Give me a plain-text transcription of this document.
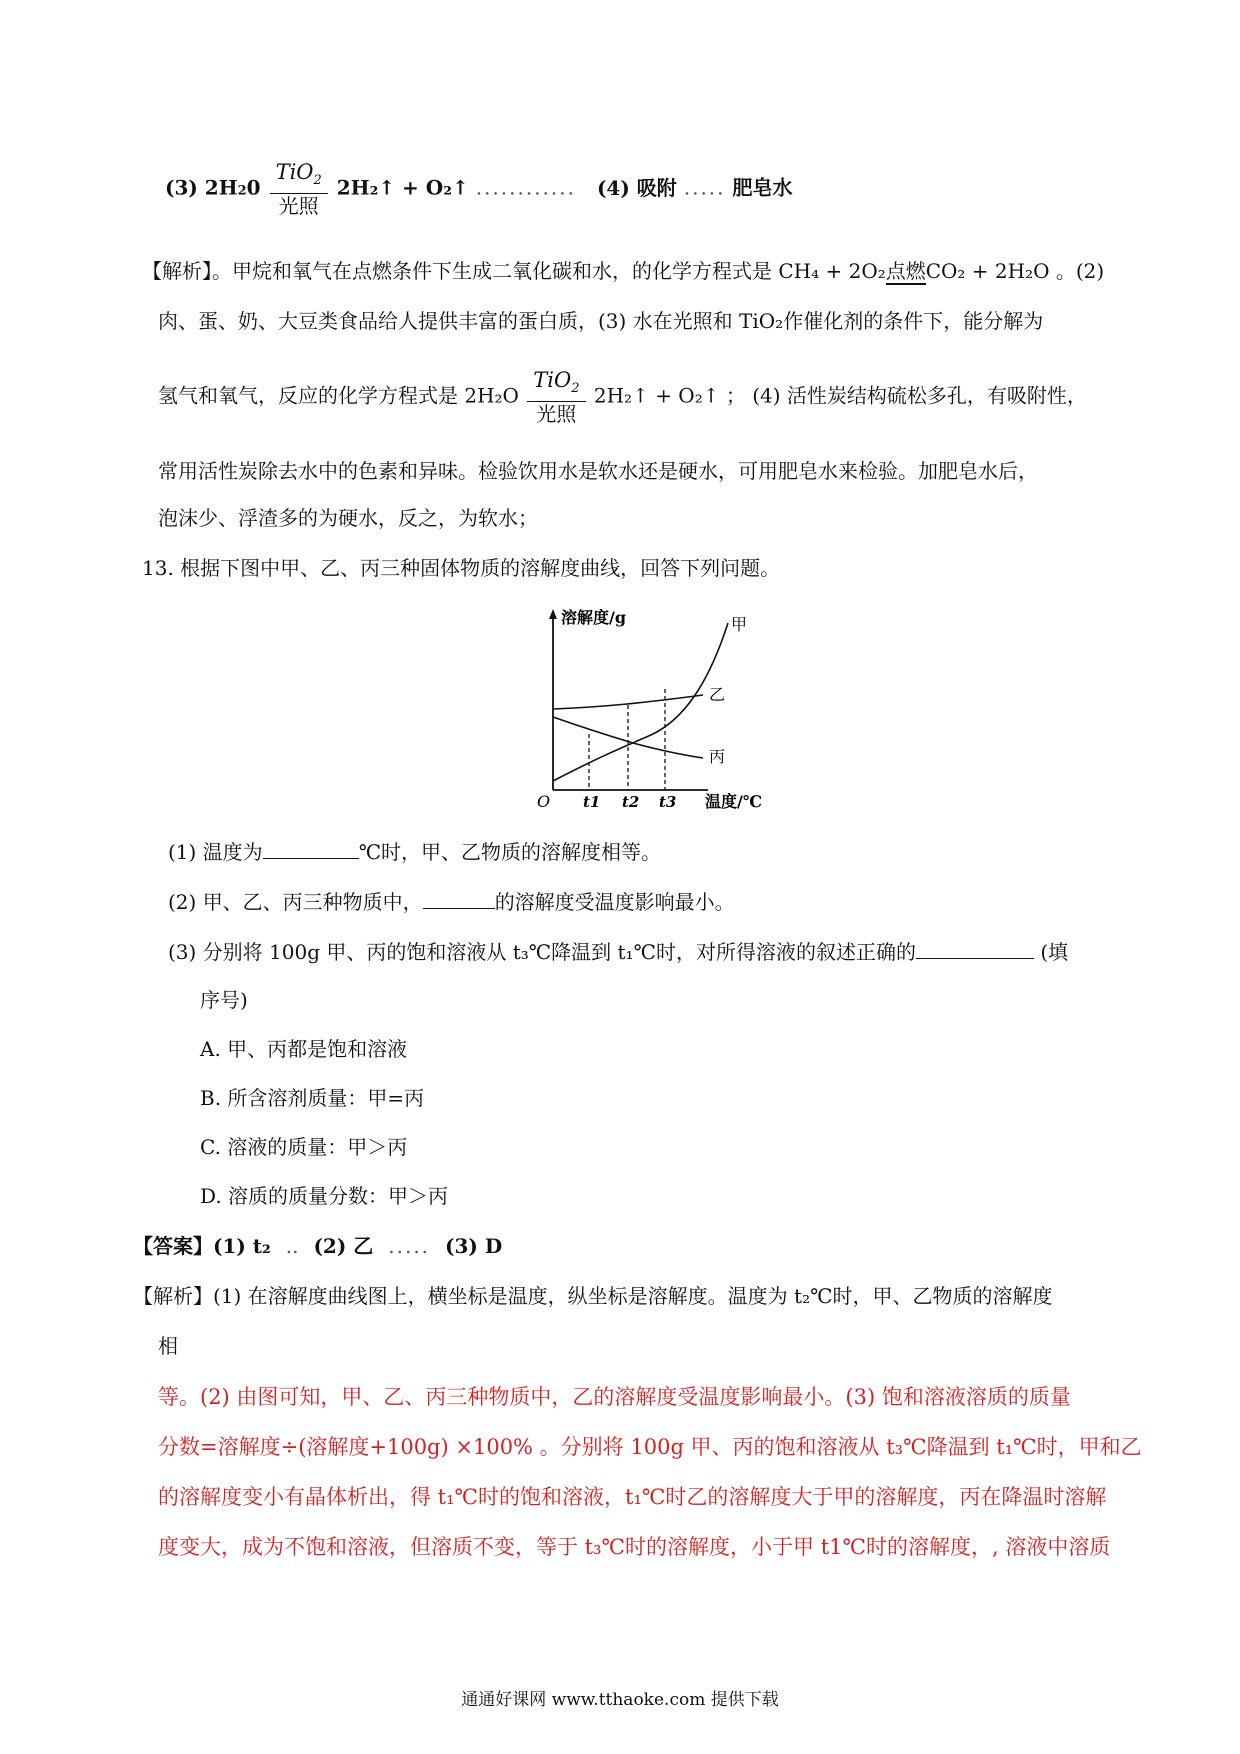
(3) $2H20 \frac{TiO_2}{\text{光照}}$ 2H₂↑ + O₂↑ ............ (4) 吸附 ..... 肥皂水
【解析】。甲烷和氧气在点燃条件下生成二氧化碳和水，的化学方程式是 CH₄ + 2O₂点燃CO₂ + 2H₂O 。(2)
肉、蛋、奶、大豆类食品给人提供丰富的蛋白质，(3) 水在光照和 TiO₂作催化剂的条件下，能分解为
氢气和氧气，反应的化学方程式是 $2H_2O \frac{TiO_2}{\text{光照}}$ 2H₂↑ + O₂↑ ； (4) 活性炭结构硫松多孔，有吸附性，
常用活性炭除去水中的色素和异味。检验饮用水是软水还是硬水，可用肥皂水来检验。加肥皂水后，
泡沫少、浮渣多的为硬水，反之，为软水；
13. 根据下图中甲、乙、丙三种固体物质的溶解度曲线，回答下列问题。
溶解度/g
温度/℃
O
甲
乙
丙
t1 t2 t3
(1) 温度为	℃时，甲、乙物质的溶解度相等。
(2) 甲、乙、丙三种物质中，	的溶解度受温度影响最小。
(3) 分别将 100g 甲、丙的饱和溶液从 t₃℃降温到 t₁℃时，对所得溶液的叙述正确的	(填
序号)
A. 甲、丙都是饱和溶液
B. 所含溶剂质量：甲=丙
C. 溶液的质量：甲＞丙
D. 溶质的质量分数：甲＞丙
【答案】(1) t₂ .. (2) 乙 ..... (3) D
【解析】(1) 在溶解度曲线图上，横坐标是温度，纵坐标是溶解度。温度为 t₂℃时，甲、乙物质的溶解度
相
等。(2) 由图可知，甲、乙、丙三种物质中，乙的溶解度受温度影响最小。(3) 饱和溶液溶质的质量
分数=溶解度÷(溶解度+100g) ×100% 。分别将 100g 甲、丙的饱和溶液从 t₃℃降温到 t₁℃时，甲和乙
的溶解度变小有晶体析出，得 t₁℃时的饱和溶液，t₁℃时乙的溶解度大于甲的溶解度，丙在降温时溶解
度变大，成为不饱和溶液，但溶质不变，等于 t₃℃时的溶解度，小于甲 t1℃时的溶解度，, 溶液中溶质
通通好课网 www.tthaoke.com 提供下载
